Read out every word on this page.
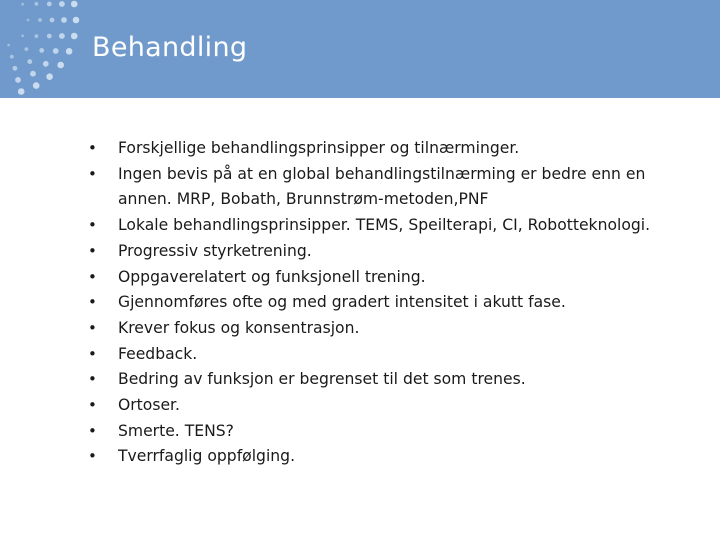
Behandling
•	Forskjellige behandlingsprinsipper og tilnærminger.
•	Ingen bevis på at en global behandlingstilnærming er bedre enn en annen. MRP, Bobath, Brunnstrøm-metoden,PNF
•	Lokale behandlingsprinsipper. TEMS, Speilterapi, CI, Robotteknologi.
•	Progressiv styrketrening.
•	Oppgaverelatert og funksjonell trening.
•	Gjennomføres ofte og med gradert intensitet i akutt fase.
•	Krever fokus og konsentrasjon.
•	Feedback.
•	Bedring av funksjon er begrenset til det som trenes.
•	Ortoser.
•	Smerte. TENS?
•	Tverrfaglig oppfølging.
